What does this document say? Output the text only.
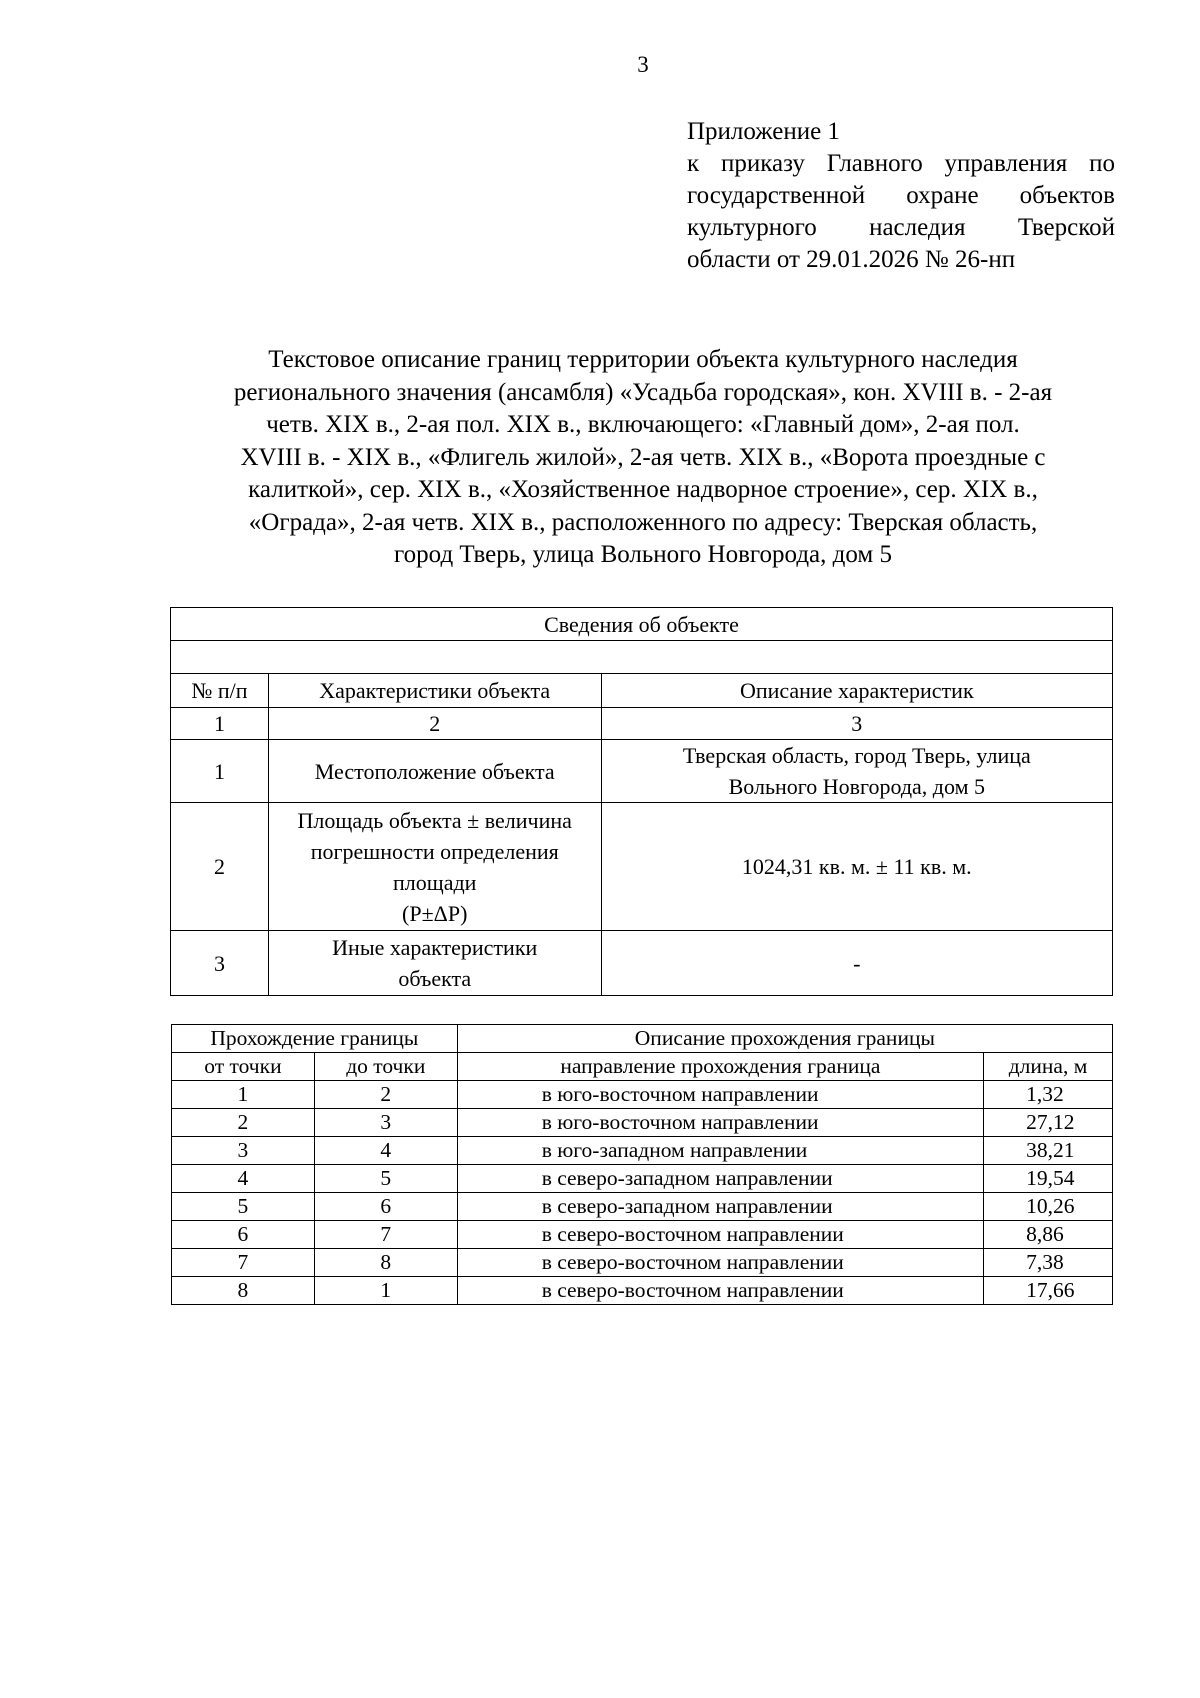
3
Приложение 1
к приказу Главного управления по
государственной охране объектов
культурного наследия Тверской
области от 29.01.2026 № 26-нп
Текстовое описание границ территории объекта культурного наследия
регионального значения (ансамбля) «Усадьба городская», кон. XVIII в. - 2-ая
четв. XIX в., 2-ая пол. XIX в., включающего: «Главный дом», 2-ая пол.
XVIII в. - XIX в., «Флигель жилой», 2-ая четв. XIX в., «Ворота проездные с
калиткой», сер. XIX в., «Хозяйственное надворное строение», сер. XIX в.,
«Ограда», 2-ая четв. XIX в., расположенного по адресу: Тверская область,
город Тверь, улица Вольного Новгорода, дом 5
Сведения об объекте		

№ п/п	Характеристики объекта	Описание характеристик
1	2	3
1	Местоположение объекта	Тверская область, город Тверь, улица
Вольного Новгорода, дом 5

2	Площадь объекта ± величина
погрешности определения
площади
(Р±ΔР)	1024,31 кв. м. ± 11 кв. м.

3	Иные характеристики
объекта	-
Прохождение границы		Описание прохождения границы	
от точки	до точки	направление прохождения граница	длина, м
1	2	в юго-восточном направлении	1,32
2	3	в юго-восточном направлении	27,12
3	4	в юго-западном направлении	38,21
4	5	в северо-западном направлении	19,54
5	6	в северо-западном направлении	10,26
6	7	в северо-восточном направлении	8,86
7	8	в северо-восточном направлении	7,38
8	1	в северо-восточном направлении	17,66
